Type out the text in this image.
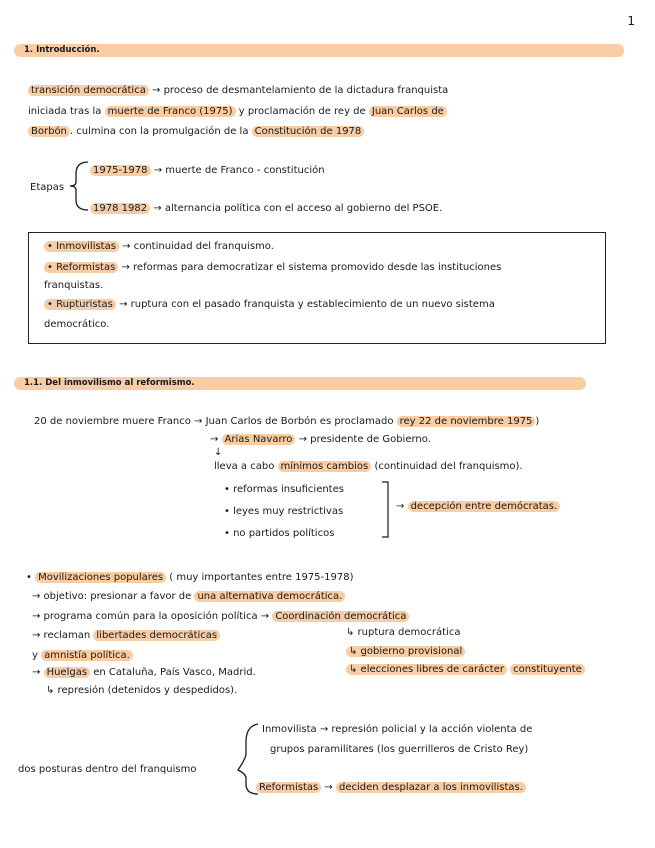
1
1. Introducción.
transición democrática → proceso de desmantelamiento de la dictadura franquista
iniciada tras la muerte de Franco (1975) y proclamación de rey de Juan Carlos de
Borbón . culmina con la promulgación de la Constitución de 1978
Etapas
1975-1978 → muerte de Franco - constitución
1978 1982 → alternancia política con el acceso al gobierno del PSOE.
• Inmovilistas → continuidad del franquismo.
• Reformistas → reformas para democratizar el sistema promovido desde las instituciones
franquistas.
• Rupturistas → ruptura con el pasado franquista y establecimiento de un nuevo sistema
democrático.
1.1. Del inmovilismo al reformismo.
20 de noviembre muere Franco → Juan Carlos de Borbón es proclamado rey 22 de noviembre 1975 )
→ Arias Navarro → presidente de Gobierno.
↓
lleva a cabo mínimos cambios (continuidad del franquismo).
• reformas insuficientes
• leyes muy restrictivas
• no partidos políticos
→ decepción entre demócratas.
• Movilizaciones populares ( muy importantes entre 1975-1978)
→ objetivo: presionar a favor de una alternativa democrática.
→ programa común para la oposición política → Coordinación democrática
→ reclaman libertades democráticas
y amnistía política.
→ Huelgas en Cataluña, País Vasco, Madrid.
↳ represión (detenidos y despedidos).
↳ ruptura democrática
↳ gobierno provisional
↳ elecciones libres de carácter constituyente
dos posturas dentro del franquismo
Inmovilista → represión policial y la acción violenta de
grupos paramilitares (los guerrilleros de Cristo Rey)
Reformistas → deciden desplazar a los inmovilistas.
